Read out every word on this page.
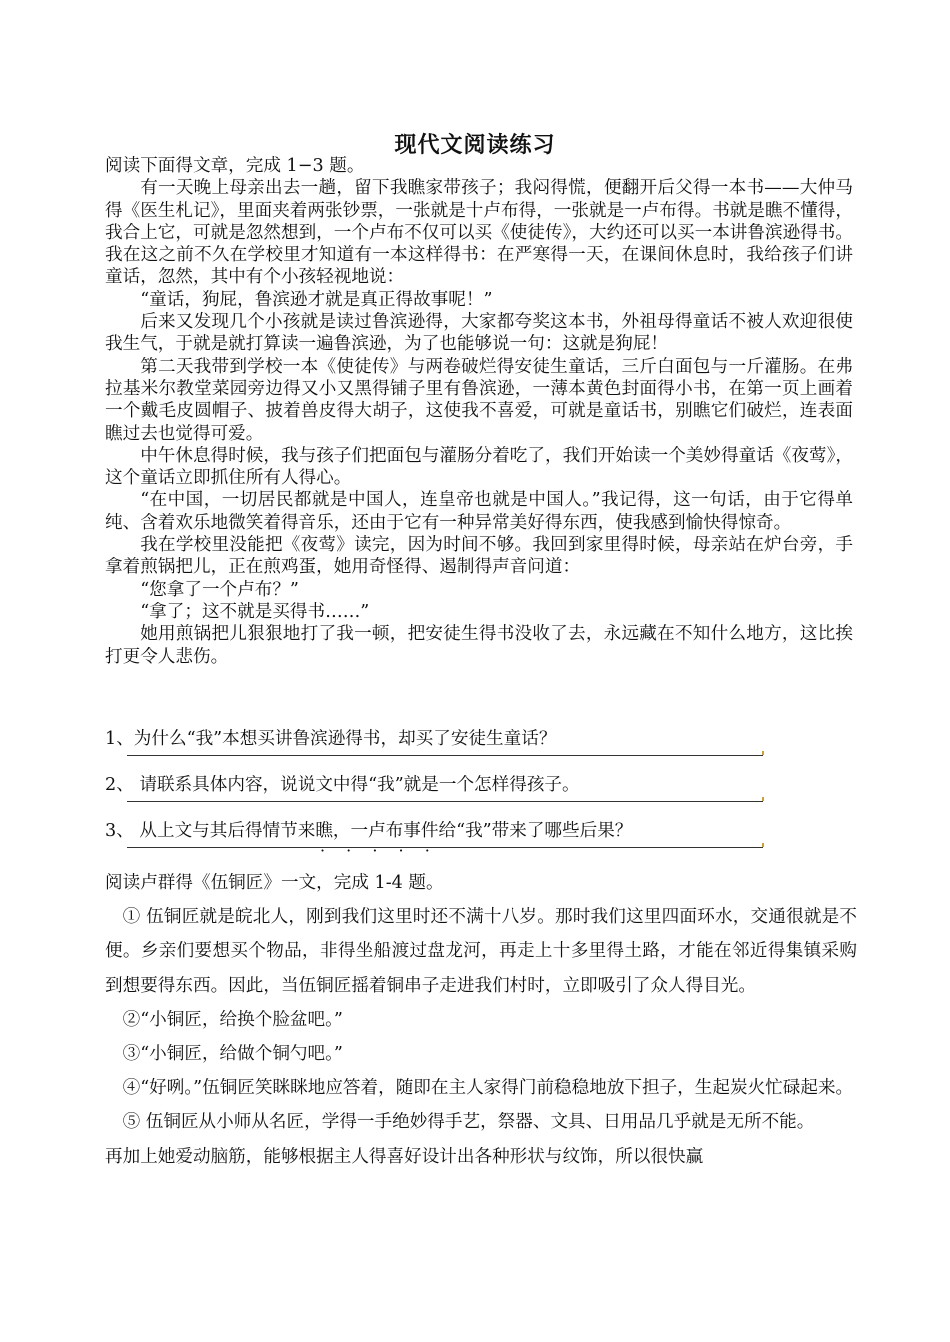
现代文阅读练习

阅读下面得文章，完成 1−3 题。

有一天晚上母亲出去一趟，留下我瞧家带孩子；我闷得慌，便翻开后父得一本书——大仲马得《医生札记》，里面夹着两张钞票，一张就是十卢布得，一张就是一卢布得。书就是瞧不懂得，我合上它，可就是忽然想到，一个卢布不仅可以买《使徒传》，大约还可以买一本讲鲁滨逊得书。我在这之前不久在学校里才知道有一本这样得书：在严寒得一天，在课间休息时，我给孩子们讲童话，忽然，其中有个小孩轻视地说：

“童话，狗屁，鲁滨逊才就是真正得故事呢！”

后来又发现几个小孩就是读过鲁滨逊得，大家都夸奖这本书，外祖母得童话不被人欢迎很使我生气，于就是就打算读一遍鲁滨逊，为了也能够说一句：这就是狗屁！

第二天我带到学校一本《使徒传》与两卷破烂得安徒生童话，三斤白面包与一斤灌肠。在弗拉基米尔教堂菜园旁边得又小又黑得铺子里有鲁滨逊，一薄本黄色封面得小书，在第一页上画着一个戴毛皮圆帽子、披着兽皮得大胡子，这使我不喜爱，可就是童话书，别瞧它们破烂，连表面瞧过去也觉得可爱。

中午休息得时候，我与孩子们把面包与灌肠分着吃了，我们开始读一个美妙得童话《夜莺》，这个童话立即抓住所有人得心。

“在中国，一切居民都就是中国人，连皇帝也就是中国人。”我记得，这一句话，由于它得单纯、含着欢乐地微笑着得音乐，还由于它有一种异常美好得东西，使我感到愉快得惊奇。

我在学校里没能把《夜莺》读完，因为时间不够。我回到家里得时候，母亲站在炉台旁，手拿着煎锅把儿，正在煎鸡蛋，她用奇怪得、遏制得声音问道：

“您拿了一个卢布？”

“拿了；这不就是买得书……”

她用煎锅把儿狠狠地打了我一顿，把安徒生得书没收了去，永远藏在不知什么地方，这比挨打更令人悲伤。

1、为什么“我”本想买讲鲁滨逊得书，却买了安徒生童话？
2、 请联系具体内容，说说文中得“我”就是一个怎样得孩子。
3、 从上文与其后得情节来瞧，一卢布事件给“我”带来了哪些后果？
· · · · ·

阅读卢群得《伍铜匠》一文，完成 1-4 题。

① 伍铜匠就是皖北人，刚到我们这里时还不满十八岁。那时我们这里四面环水，交通很就是不便。乡亲们要想买个物品，非得坐船渡过盘龙河，再走上十多里得土路，才能在邻近得集镇采购到想要得东西。因此，当伍铜匠摇着铜串子走进我们村时，立即吸引了众人得目光。

②“小铜匠，给换个脸盆吧。”

③“小铜匠，给做个铜勺吧。”

④“好咧。”伍铜匠笑眯眯地应答着，随即在主人家得门前稳稳地放下担子，生起炭火忙碌起来。

⑤ 伍铜匠从小师从名匠，学得一手绝妙得手艺，祭器、文具、日用品几乎就是无所不能。

再加上她爱动脑筋，能够根据主人得喜好设计出各种形状与纹饰，所以很快赢
